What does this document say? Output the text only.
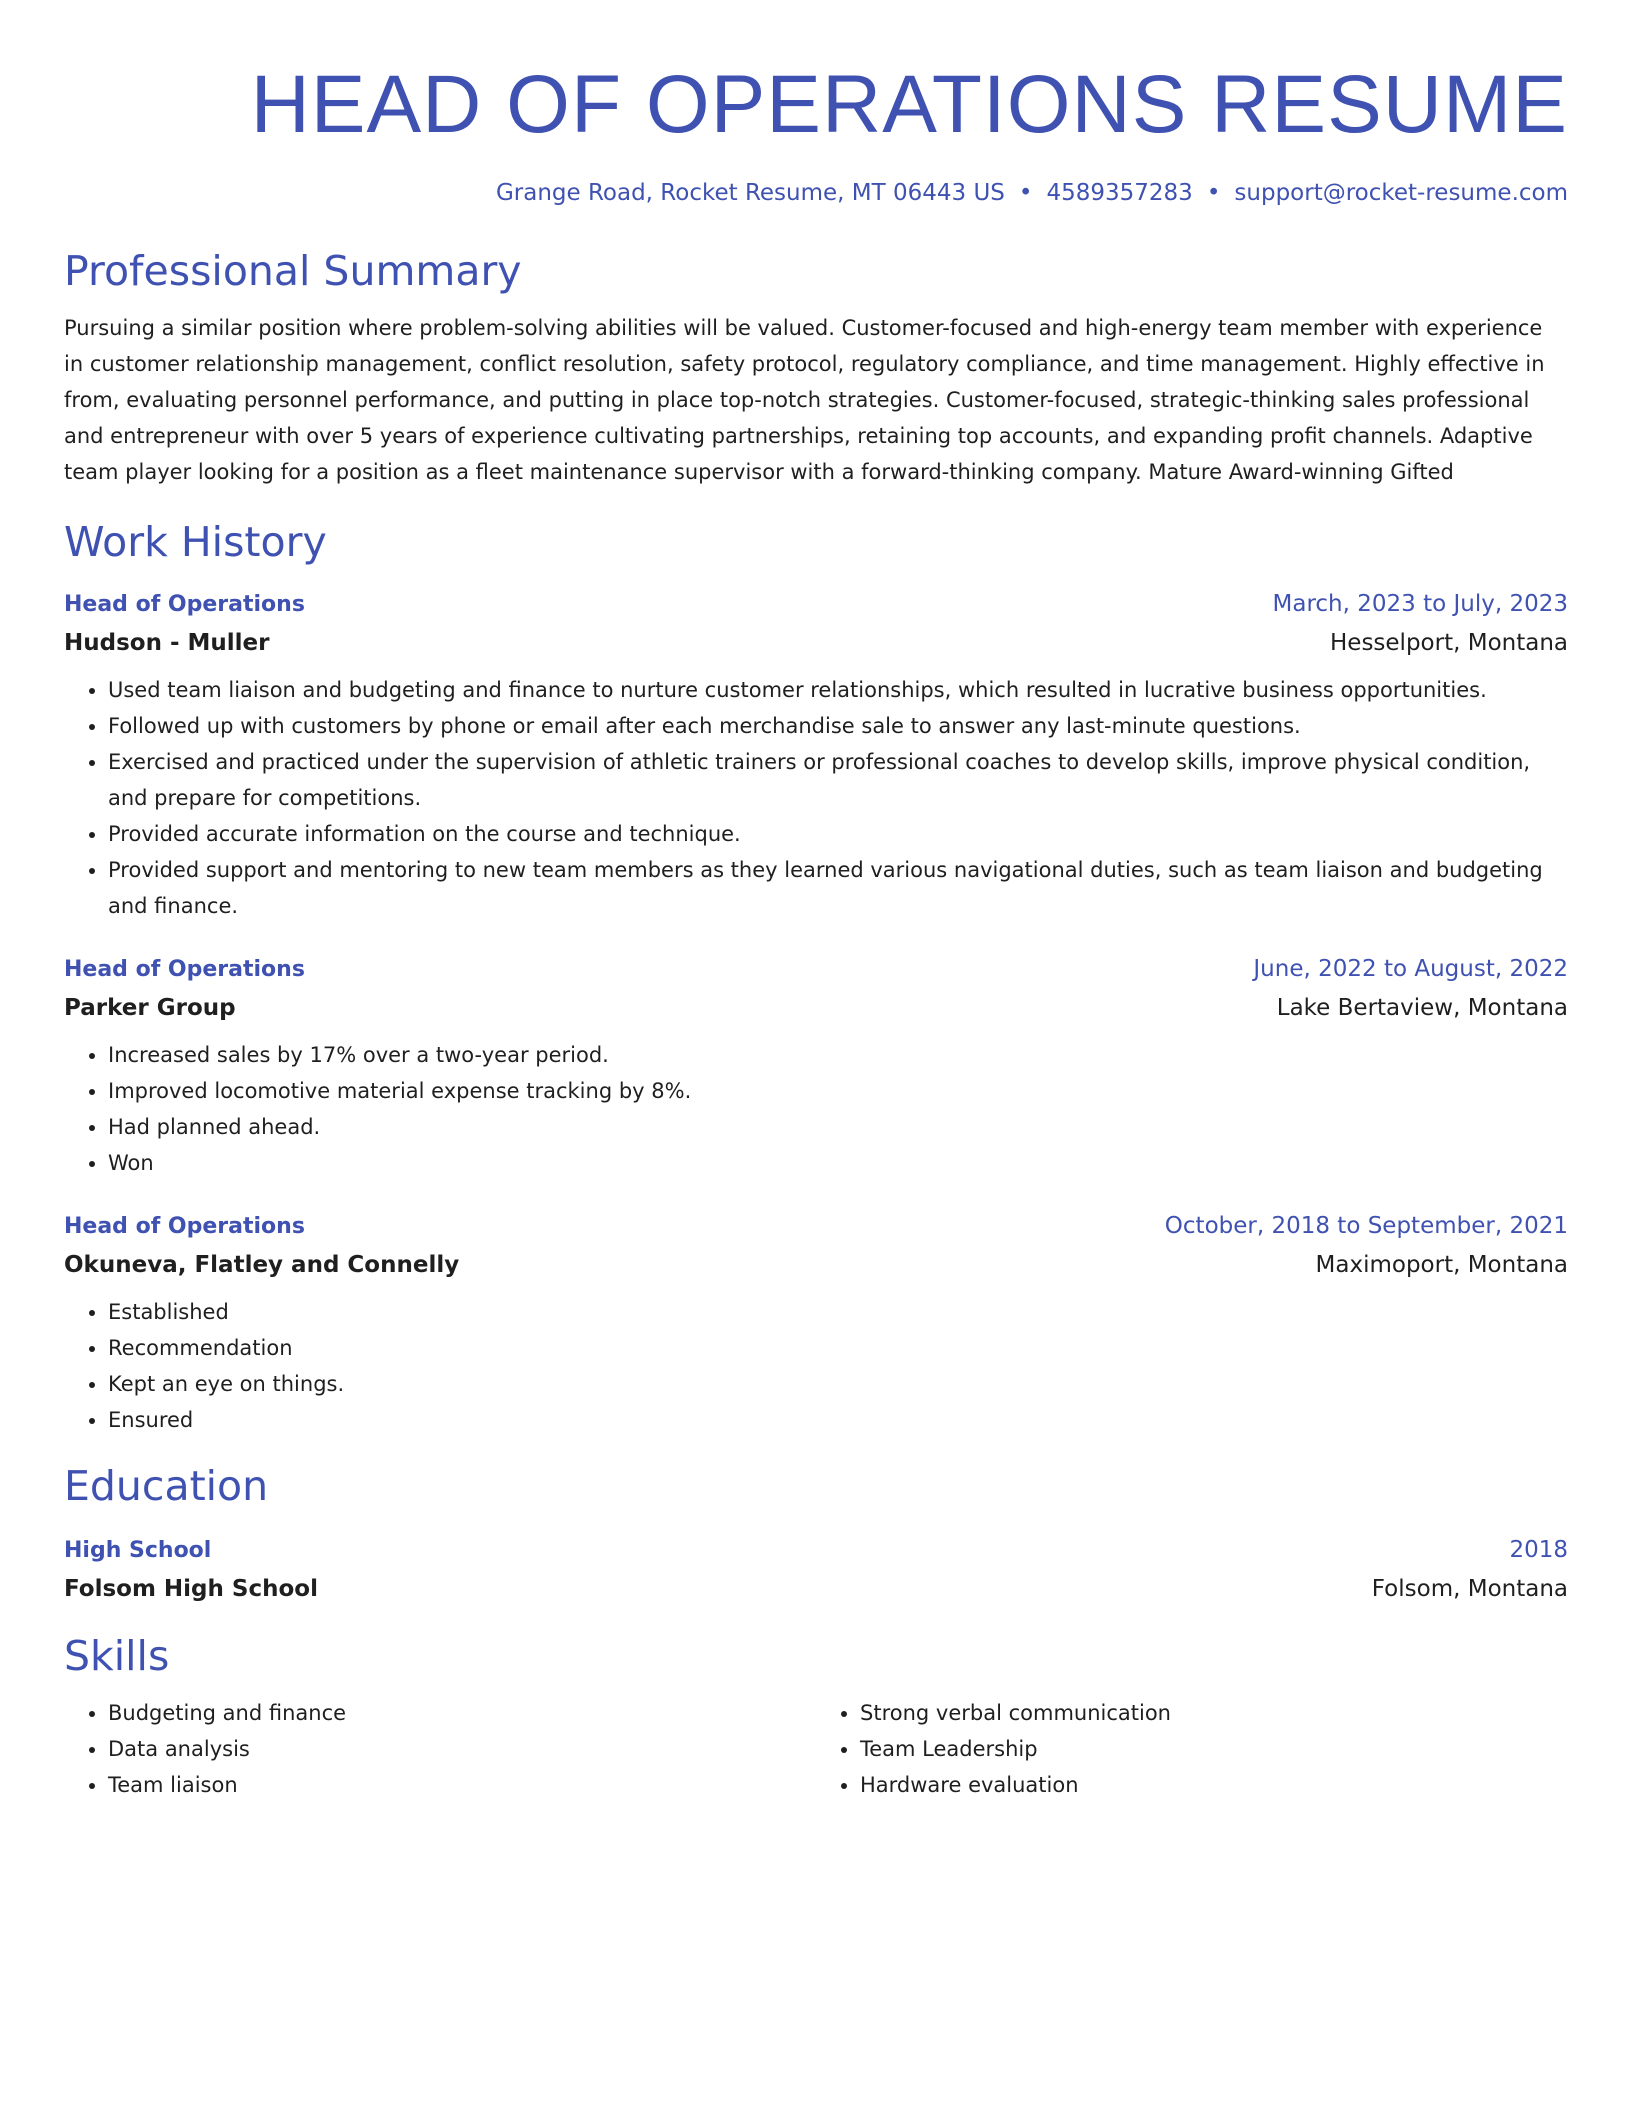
HEAD OF OPERATIONS RESUME
Grange Road, Rocket Resume, MT 06443 US • 4589357283 • support@rocket-resume.com
Professional Summary
Pursuing a similar position where problem-solving abilities will be valued. Customer-focused and high-energy team member with experience in customer relationship management, conflict resolution, safety protocol, regulatory compliance, and time management. Highly effective in from, evaluating personnel performance, and putting in place top-notch strategies. Customer-focused, strategic-thinking sales professional and entrepreneur with over 5 years of experience cultivating partnerships, retaining top accounts, and expanding profit channels. Adaptive team player looking for a position as a fleet maintenance supervisor with a forward-thinking company. Mature Award-winning Gifted
Work History
Head of Operations	March, 2023 to July, 2023
Hudson - Muller	Hesselport, Montana
• Used team liaison and budgeting and finance to nurture customer relationships, which resulted in lucrative business opportunities.
• Followed up with customers by phone or email after each merchandise sale to answer any last-minute questions.
• Exercised and practiced under the supervision of athletic trainers or professional coaches to develop skills, improve physical condition, and prepare for competitions.
• Provided accurate information on the course and technique.
• Provided support and mentoring to new team members as they learned various navigational duties, such as team liaison and budgeting and finance.
Head of Operations	June, 2022 to August, 2022
Parker Group	Lake Bertaview, Montana
• Increased sales by 17% over a two-year period.
• Improved locomotive material expense tracking by 8%.
• Had planned ahead.
• Won
Head of Operations	October, 2018 to September, 2021
Okuneva, Flatley and Connelly	Maximoport, Montana
• Established
• Recommendation
• Kept an eye on things.
• Ensured
Education
High School	2018
Folsom High School	Folsom, Montana
Skills
• Budgeting and finance
• Data analysis
• Team liaison
• Strong verbal communication
• Team Leadership
• Hardware evaluation
